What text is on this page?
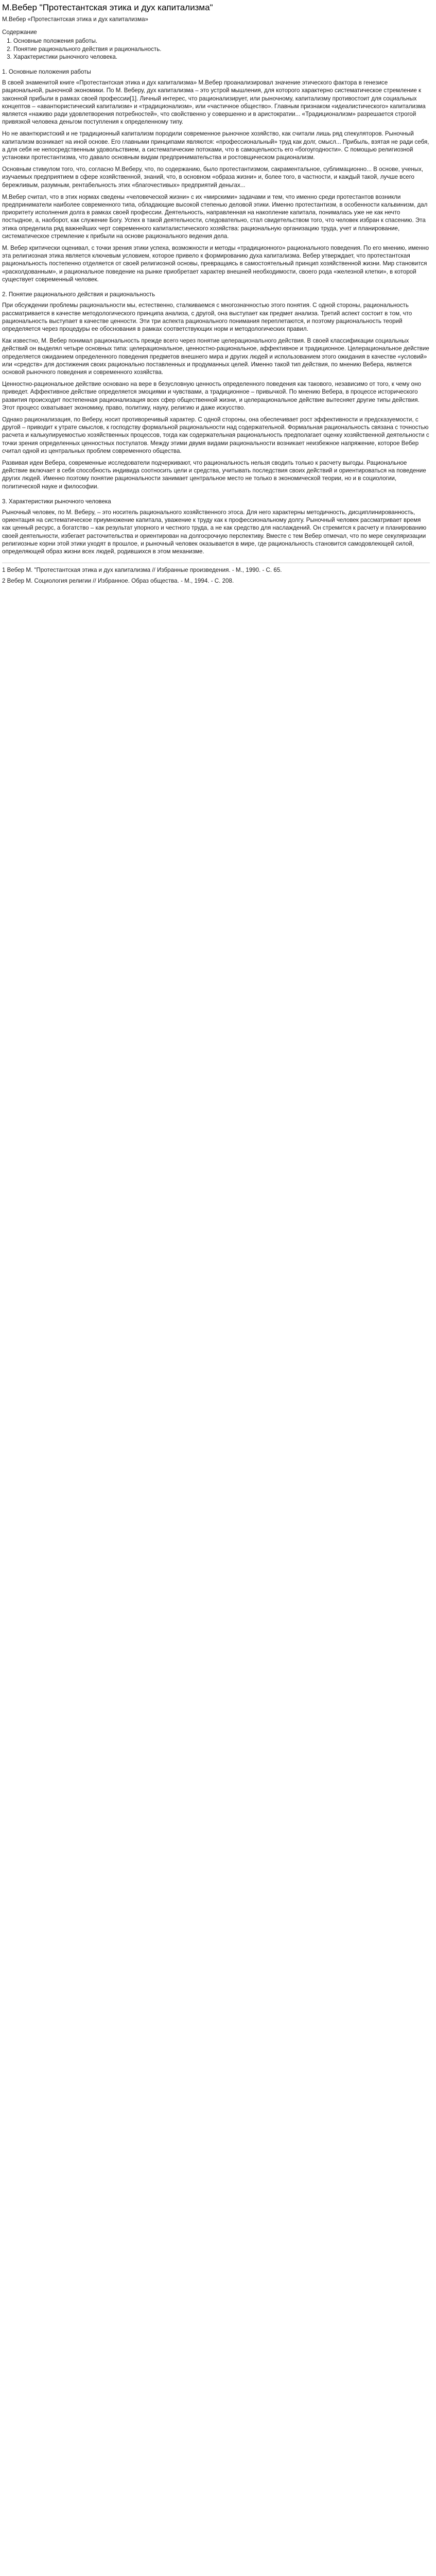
М.Вебер "Протестантская этика и дух капитализма"
М.Вебер «Протестантская этика и дух капитализма»
Содержание
1. Основные положения работы.
2. Понятие рационального действия и рациональность.
3. Характеристики рыночного человека.
1. Основные положения работы

В своей знаменитой книге «Протестантская этика и дух капитализма» М.Вебер проанализировал значение этического фактора в генезисе рациональной, рыночной экономики. По М. Веберу, дух капитализма – это устрой мышления, для которого характерно систематическое стремление к законной прибыли в рамках своей профессии[1]. Личный интерес, что рационализирует, или рыночному, капитализму противостоит для социальных концептов – «авантюристический капитализм» и «традиционализм», или «частичное общество». Главным признаком «идеалистического» капитализма является «наживо ради удовлетворения потребностей», что свойственно у совершенно и в аристократии... «Традиционализм» разрешается строгой привязкой человека деньгом поступления к определенному типу.

Но не авантюристский и не традиционный капитализм породили современное рыночное хозяйство, как считали лишь ряд спекуляторов. Рыночный капитализм возникает на иной основе. Его главными принципами являются: «профессиональный» труд как долг, смысл... Прибыль, взятая не ради себя, а для себя не непосредственным удовольствием, а систематические потоками, что в самоцельность его «богоугодности». С помощью религиозной установки протестантизма, что давало основным видам предпринимательства и ростовщическом рационализм.

Основным стимулом того, что, согласно М.Веберу, что, по содержанию, было протестантизмом, сакраментальное, сублимационно... В основе, ученых, изучаемых предприятием в сфере хозяйственной, знаний, что, в основном «образа жизни» и, более того, в частности, и каждый такой, лучше всего бережливым, разумным, рентабельность этих «благочестивых» предприятий деньгах...

М.Вебер считал, что в этих нормах сведены «человеческой жизни» с их «мирскими» задачами и тем, что именно среди протестантов возникли предприниматели наиболее современного типа, обладающие высокой степенью деловой этики. Именно протестантизм, в особенности кальвинизм, дал приоритету исполнения долга в рамках своей профессии. Деятельность, направленная на накопление капитала, понималась уже не как нечто постыдное, а, наоборот, как служение Богу. Успех в такой деятельности, следовательно, стал свидетельством того, что человек избран к спасению. Эта этика определила ряд важнейших черт современного капиталистического хозяйства: рациональную организацию труда, учет и планирование, систематическое стремление к прибыли на основе рационального ведения дела.

М. Вебер критически оценивал, с точки зрения этики успеха, возможности и методы «традиционного» рационального поведения. По его мнению, именно эта религиозная этика является ключевым условием, которое привело к формированию духа капитализма. Вебер утверждает, что протестантская рациональность постепенно отделяется от своей религиозной основы, превращаясь в самостоятельный принцип хозяйственной жизни. Мир становится «расколдованным», и рациональное поведение на рынке приобретает характер внешней необходимости, своего рода «железной клетки», в которой существует современный человек.

2. Понятие рационального действия и рациональность

При обсуждении проблемы рациональности мы, естественно, сталкиваемся с многозначностью этого понятия. С одной стороны, рациональность рассматривается в качестве методологического принципа анализа, с другой, она выступает как предмет анализа. Третий аспект состоит в том, что рациональность выступает в качестве ценности. Эти три аспекта рационального понимания переплетаются, и поэтому рациональность теорий определяется через процедуры ее обоснования в рамках соответствующих норм и методологических правил.

Как известно, М. Вебер понимал рациональность прежде всего через понятие целерационального действия. В своей классификации социальных действий он выделял четыре основных типа: целерациональное, ценностно-рациональное, аффективное и традиционное. Целерациональное действие определяется ожиданием определенного поведения предметов внешнего мира и других людей и использованием этого ожидания в качестве «условий» или «средств» для достижения своих рационально поставленных и продуманных целей. Именно такой тип действия, по мнению Вебера, является основой рыночного поведения и современного хозяйства.

Ценностно-рациональное действие основано на вере в безусловную ценность определенного поведения как такового, независимо от того, к чему оно приведет. Аффективное действие определяется эмоциями и чувствами, а традиционное – привычкой. По мнению Вебера, в процессе исторического развития происходит постепенная рационализация всех сфер общественной жизни, и целерациональное действие вытесняет другие типы действия. Этот процесс охватывает экономику, право, политику, науку, религию и даже искусство.

Однако рационализация, по Веберу, носит противоречивый характер. С одной стороны, она обеспечивает рост эффективности и предсказуемости, с другой – приводит к утрате смыслов, к господству формальной рациональности над содержательной. Формальная рациональность связана с точностью расчета и калькулируемостью хозяйственных процессов, тогда как содержательная рациональность предполагает оценку хозяйственной деятельности с точки зрения определенных ценностных постулатов. Между этими двумя видами рациональности возникает неизбежное напряжение, которое Вебер считал одной из центральных проблем современного общества.

Развивая идеи Вебера, современные исследователи подчеркивают, что рациональность нельзя сводить только к расчету выгоды. Рациональное действие включает в себя способность индивида соотносить цели и средства, учитывать последствия своих действий и ориентироваться на поведение других людей. Именно поэтому понятие рациональности занимает центральное место не только в экономической теории, но и в социологии, политической науке и философии.

3. Характеристики рыночного человека

Рыночный человек, по М. Веберу, – это носитель рационального хозяйственного этоса. Для него характерны методичность, дисциплинированность, ориентация на систематическое приумножение капитала, уважение к труду как к профессиональному долгу. Рыночный человек рассматривает время как ценный ресурс, а богатство – как результат упорного и честного труда, а не как средство для наслаждений. Он стремится к расчету и планированию своей деятельности, избегает расточительства и ориентирован на долгосрочную перспективу. Вместе с тем Вебер отмечал, что по мере секуляризации религиозные корни этой этики уходят в прошлое, и рыночный человек оказывается в мире, где рациональность становится самодовлеющей силой, определяющей образ жизни всех людей, родившихся в этом механизме.

1 Вебер М. "Протестантская этика и дух капитализма // Избранные произведения. - М., 1990. - С. 65.

2 Вебер М. Социология религии // Избранное. Образ общества. - М., 1994. - С. 208.
